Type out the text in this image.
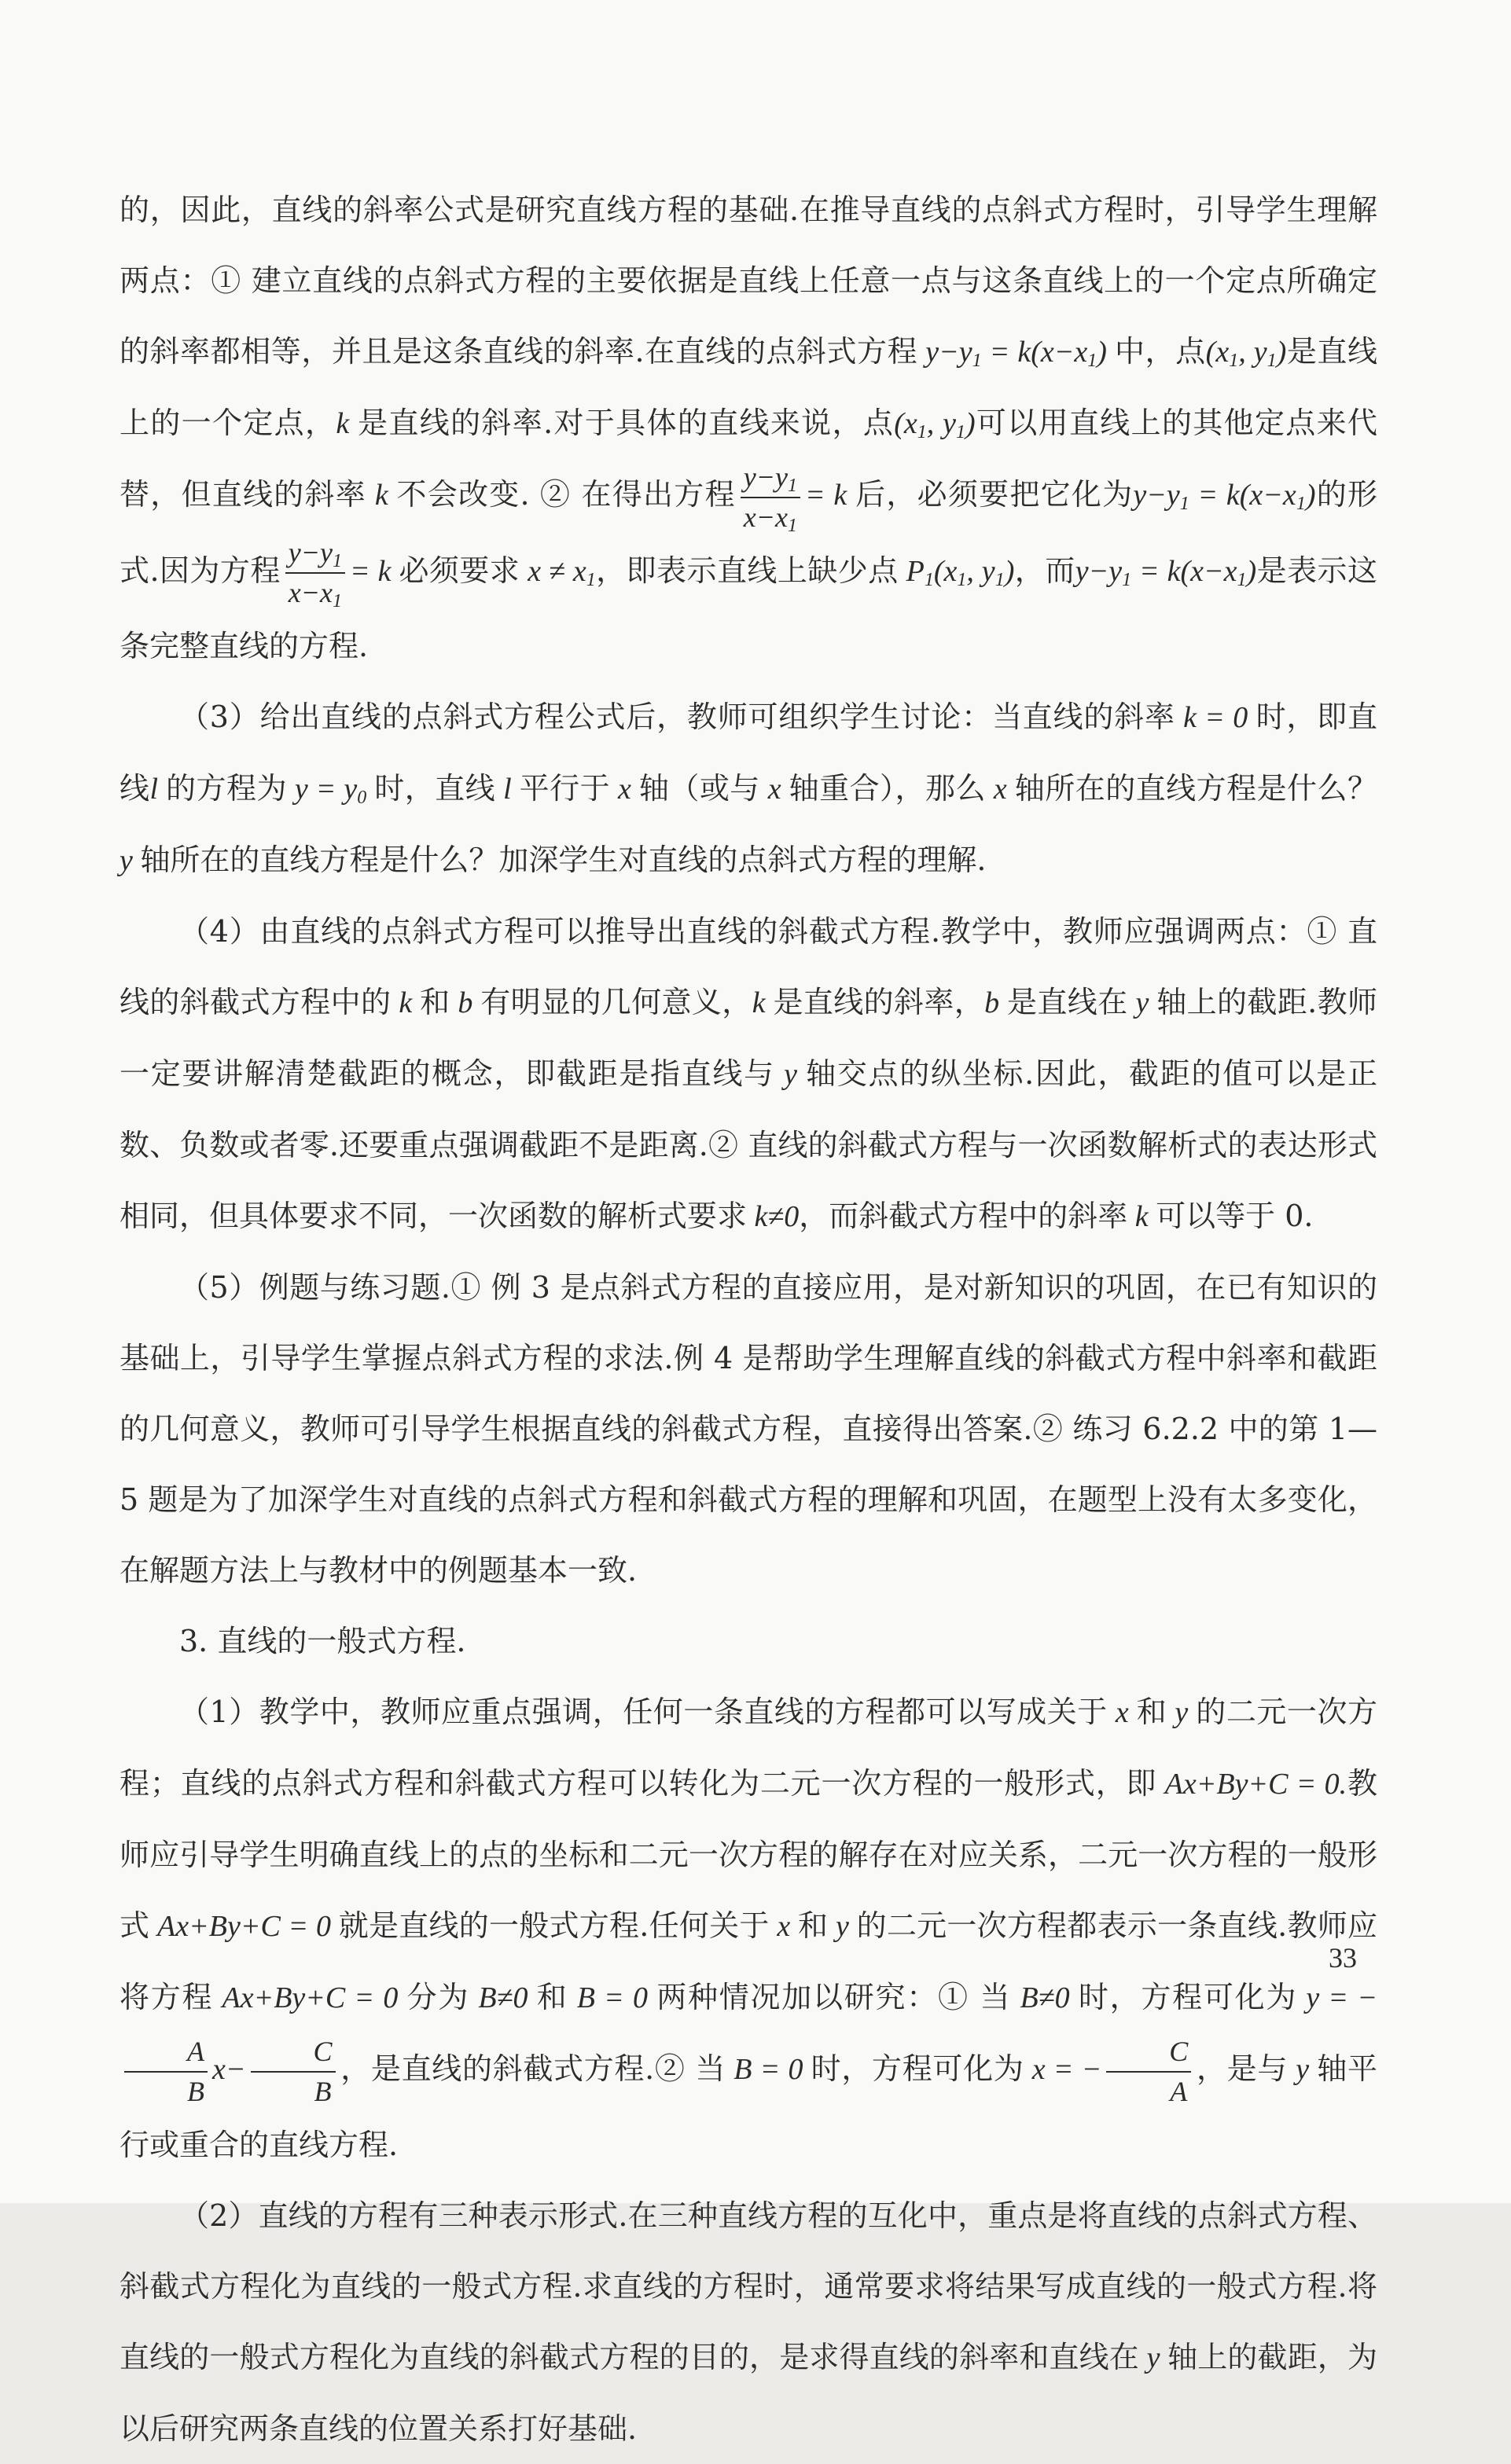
的，因此，直线的斜率公式是研究直线方程的基础.在推导直线的点斜式方程时，引导学生理解两点：① 建立直线的点斜式方程的主要依据是直线上任意一点与这条直线上的一个定点所确定的斜率都相等，并且是这条直线的斜率.在直线的点斜式方程 $y-y_1 = k(x-x_1)$ 中，点($x_1$, $y_1$)是直线上的一个定点，k 是直线的斜率.对于具体的直线来说，点($x_1$, $y_1$)可以用直线上的其他定点来代替，但直线的斜率 k 不会改变. ② 在得出方程 $\frac{y-y_1}{x-x_1} = k$ 后，必须要把它化为$y-y_1 = k(x-x_1)$的形式.因为方程 $\frac{y-y_1}{x-x_1} = k$ 必须要求 $x \ne x_1$，即表示直线上缺少点 $P_1(x_1$, $y_1$)，而$y-y_1 = k(x-x_1)$是表示这条完整直线的方程.

（3）给出直线的点斜式方程公式后，教师可组织学生讨论：当直线的斜率 k = 0 时，即直线l 的方程为 $y = y_0$ 时，直线 l 平行于 x 轴（或与 x 轴重合），那么 x 轴所在的直线方程是什么？ y 轴所在的直线方程是什么？加深学生对直线的点斜式方程的理解.

（4）由直线的点斜式方程可以推导出直线的斜截式方程.教学中，教师应强调两点：① 直线的斜截式方程中的 k 和 b 有明显的几何意义，k 是直线的斜率，b 是直线在 y 轴上的截距.教师一定要讲解清楚截距的概念，即截距是指直线与 y 轴交点的纵坐标.因此，截距的值可以是正数、负数或者零.还要重点强调截距不是距离.② 直线的斜截式方程与一次函数解析式的表达形式相同，但具体要求不同，一次函数的解析式要求 k≠0，而斜截式方程中的斜率 k 可以等于 0.

（5）例题与练习题.① 例 3 是点斜式方程的直接应用，是对新知识的巩固，在已有知识的基础上，引导学生掌握点斜式方程的求法.例 4 是帮助学生理解直线的斜截式方程中斜率和截距的几何意义，教师可引导学生根据直线的斜截式方程，直接得出答案.② 练习 6.2.2 中的第 1—5 题是为了加深学生对直线的点斜式方程和斜截式方程的理解和巩固，在题型上没有太多变化，在解题方法上与教材中的例题基本一致.

3. 直线的一般式方程.

（1）教学中，教师应重点强调，任何一条直线的方程都可以写成关于 x 和 y 的二元一次方程；直线的点斜式方程和斜截式方程可以转化为二元一次方程的一般形式，即 Ax+By+C = 0.教师应引导学生明确直线上的点的坐标和二元一次方程的解存在对应关系，二元一次方程的一般形式 Ax+By+C = 0 就是直线的一般式方程.任何关于 x 和 y 的二元一次方程都表示一条直线.教师应将方程 Ax+By+C = 0 分为 B≠0 和 B = 0 两种情况加以研究：① 当 B≠0 时，方程可化为 y = −
$\frac{A}{B} x- \frac{C}{B}$ ，是直线的斜截式方程.② 当 B = 0 时，方程可化为 x = − $\frac{C}{A}$ ，是与 y 轴平行或重合的直线方程.

（2）直线的方程有三种表示形式.在三种直线方程的互化中，重点是将直线的点斜式方程、斜截式方程化为直线的一般式方程.求直线的方程时，通常要求将结果写成直线的一般式方程.将直线的一般式方程化为直线的斜截式方程的目的，是求得直线的斜率和直线在 y 轴上的截距，为以后研究两条直线的位置关系打好基础.

33
